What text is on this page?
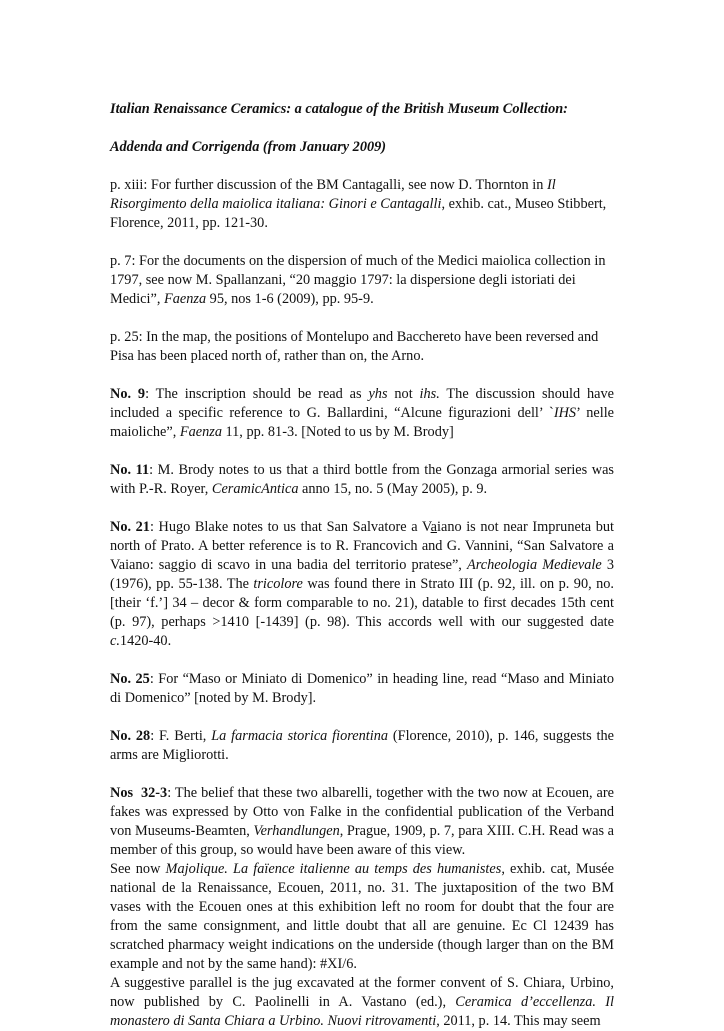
Italian Renaissance Ceramics: a catalogue of the British Museum Collection:
Addenda and Corrigenda (from January 2009)

p. xiii: For further discussion of the BM Cantagalli, see now D. Thornton in Il Risorgimento della maiolica italiana: Ginori e Cantagalli, exhib. cat., Museo Stibbert, Florence, 2011, pp. 121-30.

p. 7: For the documents on the dispersion of much of the Medici maiolica collection in 1797, see now M. Spallanzani, “20 maggio 1797: la dispersione degli istoriati dei Medici”, Faenza 95, nos 1-6 (2009), pp. 95-9.

p. 25: In the map, the positions of Montelupo and Bacchereto have been reversed and Pisa has been placed north of, rather than on, the Arno.

No. 9: The inscription should be read as yhs not ihs. The discussion should have included a specific reference to G. Ballardini, “Alcune figurazioni dell’ `IHS’ nelle maioliche”, Faenza 11, pp. 81-3. [Noted to us by M. Brody]

No. 11: M. Brody notes to us that a third bottle from the Gonzaga armorial series was with P.-R. Royer, CeramicAntica anno 15, no. 5 (May 2005), p. 9.

No. 21: Hugo Blake notes to us that San Salvatore a Vaiano is not near Impruneta but north of Prato. A better reference is to R. Francovich and G. Vannini, “San Salvatore a Vaiano: saggio di scavo in una badia del territorio pratese”, Archeologia Medievale 3 (1976), pp. 55-138. The tricolore was found there in Strato III (p. 92, ill. on p. 90, no. [their ‘f.’] 34 – decor & form comparable to no. 21), datable to first decades 15th cent (p. 97), perhaps >1410 [-1439] (p. 98). This accords well with our suggested date c.1420-40.

No. 25: For “Maso or Miniato di Domenico” in heading line, read “Maso and Miniato di Domenico” [noted by M. Brody].

No. 28: F. Berti, La farmacia storica fiorentina (Florence, 2010), p. 146, suggests the arms are Migliorotti.

Nos  32-3: The belief that these two albarelli, together with the two now at Ecouen, are fakes was expressed by Otto von Falke in the confidential publication of the Verband von Museums-Beamten, Verhandlungen, Prague, 1909, p. 7, para XIII. C.H. Read was a member of this group, so would have been aware of this view.

See now Majolique. La faïence italienne au temps des humanistes, exhib. cat, Musée national de la Renaissance, Ecouen, 2011, no. 31. The juxtaposition of the two BM vases with the Ecouen ones at this exhibition left no room for doubt that the four are from the same consignment, and little doubt that all are genuine. Ec Cl 12439 has scratched pharmacy weight indications on the underside (though larger than on the BM example and not by the same hand): #XI/6.

A suggestive parallel is the jug excavated at the former convent of S. Chiara, Urbino, now published by C. Paolinelli in A. Vastano (ed.), Ceramica d’eccellenza. Il monastero di Santa Chiara a Urbino. Nuovi ritrovamenti, 2011, p. 14. This may seem
